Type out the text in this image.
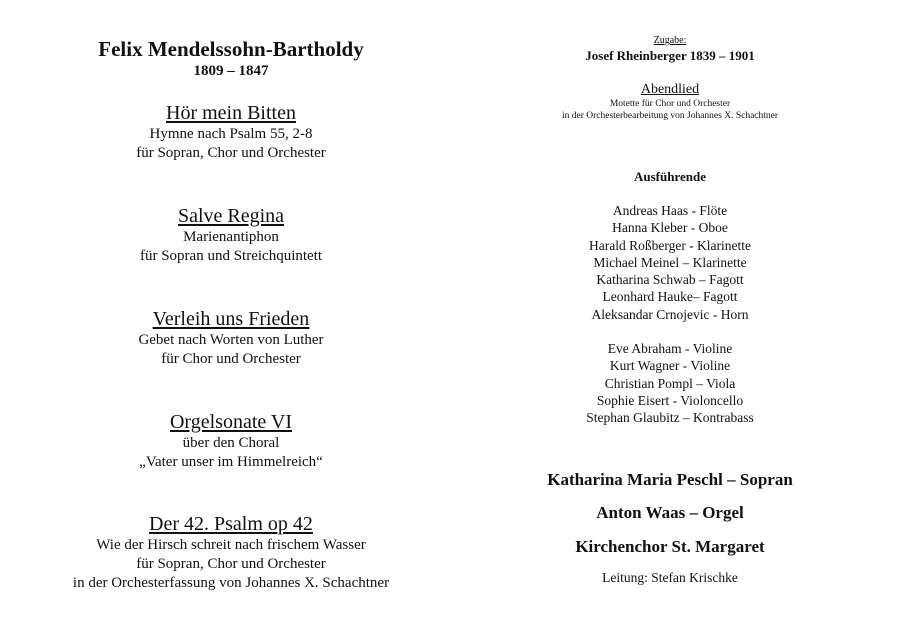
Felix Mendelssohn-Bartholdy
1809 – 1847
Hör mein Bitten
Hymne nach Psalm 55, 2-8
für Sopran, Chor und Orchester
Salve Regina
Marienantiphon
für Sopran und Streichquintett
Verleih uns Frieden
Gebet nach Worten von Luther
für Chor und Orchester
Orgelsonate VI
über den Choral
„Vater unser im Himmelreich“
Der 42. Psalm op 42
Wie der Hirsch schreit nach frischem Wasser
für Sopran, Chor und Orchester
in der Orchesterfassung von Johannes X. Schachtner
Zugabe:
Josef Rheinberger 1839 – 1901
Abendlied
Motette für Chor und Orchester
in der Orchesterbearbeitung von Johannes X. Schachtner
Ausführende
Andreas Haas - Flöte
Hanna Kleber - Oboe
Harald Roßberger - Klarinette
Michael Meinel – Klarinette
Katharina Schwab – Fagott
Leonhard Hauke– Fagott
Aleksandar Crnojevic - Horn
Eve Abraham - Violine
Kurt Wagner - Violine
Christian Pompl – Viola
Sophie Eisert - Violoncello
Stephan Glaubitz – Kontrabass
Katharina Maria Peschl – Sopran
Anton Waas – Orgel
Kirchenchor St. Margaret
Leitung: Stefan Krischke
